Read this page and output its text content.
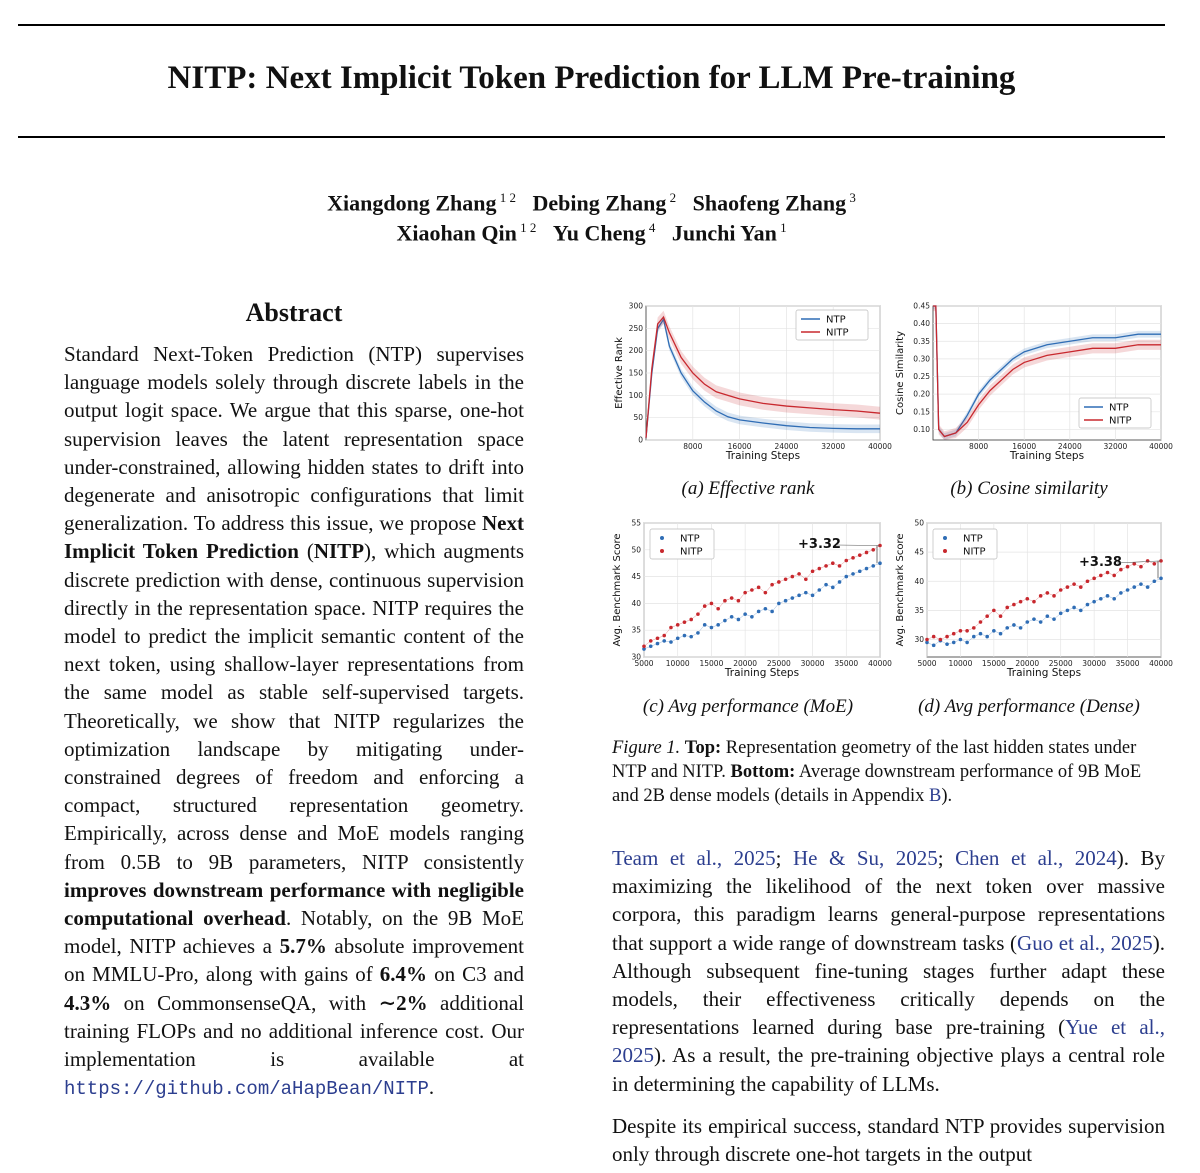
NITP: Next Implicit Token Prediction for LLM Pre-training
Xiangdong Zhang $^{1 2}$ Debing Zhang $^2$ Shaofeng Zhang $^3$
Xiaohan Qin $^{1 2}$ Yu Cheng $^4$ Junchi Yan $^1$
Abstract
Standard Next-Token Prediction (NTP) supervises language models solely through discrete labels in the output logit space. We argue that this sparse, one-hot supervision leaves the latent representation space under-constrained, allowing hidden states to drift into degenerate and anisotropic configurations that limit generalization. To address this issue, we propose Next Implicit Token Prediction (NITP), which augments discrete prediction with dense, continuous supervision directly in the representation space. NITP requires the model to predict the implicit semantic content of the next token, using shallow-layer representations from the same model as stable self-supervised targets. Theoretically, we show that NITP regularizes the optimization landscape by mitigating under-constrained degrees of freedom and enforcing a compact, structured representation geometry. Empirically, across dense and MoE models ranging from 0.5B to 9B parameters, NITP consistently improves downstream performance with negligible computational overhead. Notably, on the 9B MoE model, NITP achieves a 5.7% absolute improvement on MMLU-Pro, along with gains of 6.4% on C3 and 4.3% on CommonsenseQA, with ∼2% additional training FLOPs and no additional inference cost. Our implementation is available at https://github.com/aHapBean/NITP.
8000	16000	24000	32000	40000
0
50
100
150
200
250
300
Training Steps
Effective Rank
NTP
NITP
8000	16000	24000	32000	40000
0.10
0.15
0.20
0.25
0.30
0.35
0.40
0.45
Training Steps
Cosine Similarity	NTP
NITP
5000 10000 15000 20000 25000 30000 35000 40000
30
35
40
45
50
55
Training Steps
Avg. Benchmark Score	NTP
NITP	+3.32
5000 10000 15000 20000 25000 30000 35000 40000
30
35
40
45
50
Training Steps
Avg. Benchmark Score	NTP
NITP
+3.38
(a) Effective rank	(b) Cosine similarity
(c) Avg performance (MoE)	(d) Avg performance (Dense)
Figure 1. Top: Representation geometry of the last hidden states under NTP and NITP. Bottom: Average downstream performance of 9B MoE and 2B dense models (details in Appendix B).
Team et al., 2025; He & Su, 2025; Chen et al., 2024). By maximizing the likelihood of the next token over massive corpora, this paradigm learns general-purpose representations that support a wide range of downstream tasks (Guo et al., 2025). Although subsequent fine-tuning stages further adapt these models, their effectiveness critically depends on the representations learned during base pre-training (Yue et al., 2025). As a result, the pre-training objective plays a central role in determining the capability of LLMs.
Despite its empirical success, standard NTP provides supervision only through discrete one-hot targets in the output
